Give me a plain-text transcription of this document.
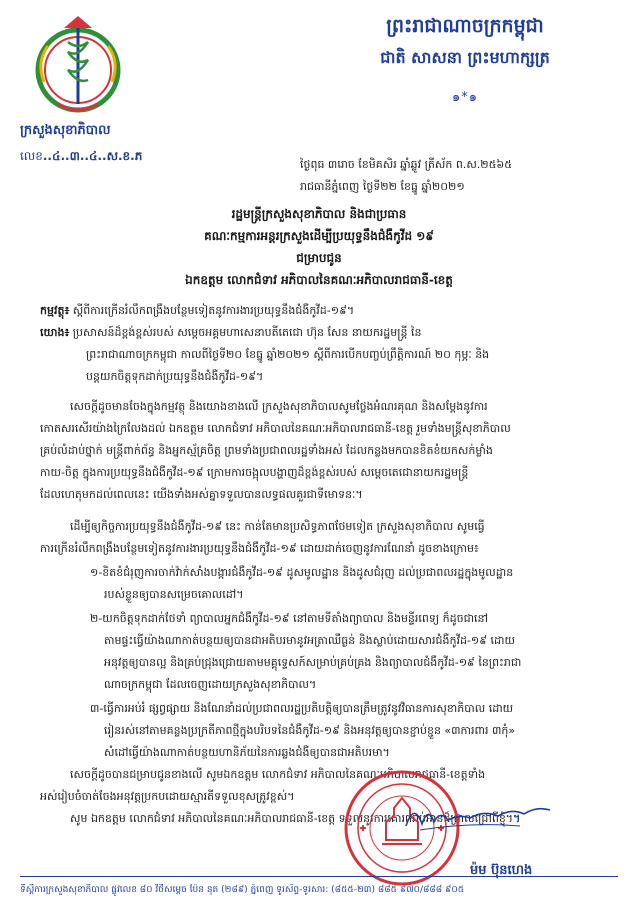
ព្រះរាជាណាចក្រកម្ពុជា
ជាតិ សាសនា ព្រះមហាក្សត្រ
๑*๑
ក្រសួងសុខាភិបាល
លេខ..៤..៣..៤..ស.ខ.ភ
ថ្ងៃពុធ ៣រោច ខែមិគសិរ ឆ្នាំឆ្លូវ ត្រីស័ក ព.ស.២៥៦៥
រាជធានីភ្នំពេញ ថ្ងៃទី២២ ខែធ្នូ ឆ្នាំ២០២១
រដ្ឋមន្ត្រីក្រសួងសុខាភិបាល និងជាប្រធាន
គណៈកម្មការអន្តរក្រសួងដើម្បីប្រយុទ្ធនឹងជំងឺកូវីដ ១៩
ជម្រាបជូន
ឯកឧត្តម លោកជំទាវ អភិបាលនៃគណៈអភិបាលរាជធានី-ខេត្ត
កម្មវត្ថុ៖ ស្តីពីការក្រើនរំលឹកពង្រឹងបន្ថែមទៀតនូវការងារប្រយុទ្ធនឹងជំងឺកូវីដ-១៩។
យោង៖ ប្រសាសន៍ដ៏ខ្ពង់ខ្ពស់របស់ សម្តេចអគ្គមហាសេនាបតីតេជោ ហ៊ុន សែន នាយករដ្ឋមន្ត្រី នៃ
ព្រះរាជាណាចក្រកម្ពុជា កាលពីថ្ងៃទី២០ ខែធ្នូ ឆ្នាំ២០២១ ស្តីពីការបើកបញ្ចប់ព្រឹត្តិការណ៍ ២០ កុម្ភៈ និង
បន្តយកចិត្តទុកដាក់ប្រយុទ្ធនឹងជំងឺកូវីដ-១៩។
សេចក្តីដូចមានចែងក្នុងកម្មវត្ថុ និងយោងខាងលើ ក្រសួងសុខាភិបាលសូមថ្លែងអំណរគុណ និងសម្តែងនូវការ
កោតសរសើរយ៉ាងក្រៃលែងដល់ ឯកឧត្តម លោកជំទាវ អភិបាលនៃគណៈអភិបាលរាជធានី-ខេត្ត រួមទាំងមន្ត្រីសុខាភិបាល
គ្រប់លំដាប់ថ្នាក់ មន្ត្រីពាក់ព័ន្ធ និងអ្នកស្ម័គ្រចិត្ត ព្រមទាំងប្រជាពលរដ្ឋទាំងអស់ ដែលកន្លងមកបានខិតខំយកសក់ម្លាំង
កាយ-ចិត្ត ក្នុងការប្រយុទ្ធនឹងជំងឺកូវីដ-១៩ ក្រោមការចង្អុលបង្ហាញដ៏ខ្ពង់ខ្ពស់របស់ សម្តេចតេជោនាយករដ្ឋមន្ត្រី
ដែលហេតុមកដល់ពេលនេះ យើងទាំងអស់គ្នាទទួលបានលទ្ធផលគួរជាទីមោទនៈ។
ដើម្បីឲ្យកិច្ចការប្រយុទ្ធនឹងជំងឺកូវីដ-១៩ នេះ កាន់តែមានប្រសិទ្ធភាពថែមទៀត ក្រសួងសុខាភិបាល សូមធ្វើ
ការក្រើនរំលឹកពង្រឹងបន្ថែមទៀតនូវការងារប្រយុទ្ធនឹងជំងឺកូវីដ-១៩ ដោយដាក់ចេញនូវការណែនាំ ដូចខាងក្រោម៖
១-ខិតខំជំរុញការចាក់វ៉ាក់សាំងបង្ការជំងឺកូវីដ-១៩ ដូសមូលដ្ឋាន និងដូសជំរុញ ដល់ប្រជាពលរដ្ឋក្នុងមូលដ្ឋាន
របស់ខ្លួនឲ្យបានសម្រេចគោលដៅ។
២-យកចិត្តទុកដាក់ថែទាំ ព្យាបាលអ្នកជំងឺកូវីដ-១៩ នៅតាមទីតាំងព្យាបាល និងមន្ទីរពេទ្យ ក៏ដូចជានៅ
តាមផ្ទះធ្វើយ៉ាងណាកាត់បន្ថយឲ្យបានជាអតិបរមានូវអត្រាឈឺធ្ងន់ និងស្លាប់ដោយសារជំងឺកូវីដ-១៩ ដោយ
អនុវត្តឲ្យបានល្អ និងគ្រប់ជ្រុងជ្រោយតាមមគ្គុទ្ទេសក៍សម្រាប់គ្រប់គ្រង និងព្យាបាលជំងឺកូវីដ-១៩ នៃព្រះរាជា
ណាចក្រកម្ពុជា ដែលចេញដោយក្រសួងសុខាភិបាល។
៣-ធ្វើការអប់រំ ផ្សព្វផ្សាយ និងណែនាំដល់ប្រជាពលរដ្ឋប្រតិបត្តិឲ្យបានត្រឹមត្រូវនូវវិធានការសុខាភិបាល ដោយ
រៀនរស់នៅតាមគន្លងប្រក្រតីភាពថ្មីក្នុងបរិបទនៃជំងឺកូវីដ-១៩ និងអនុវត្តឲ្យបានខ្ជាប់ខ្ជួន «៣ការពារ ៣កុំ»
សំដៅធ្វើយ៉ាងណាកាត់បន្ថយហានិភ័យនៃការឆ្លងជំងឺឲ្យបានជាអតិបរមា។
សេចក្តីដូចបានជម្រាបជូនខាងលើ សូមឯកឧត្តម លោកជំទាវ អភិបាលនៃគណៈអភិបាលរាជធានី-ខេត្តទាំង
អស់រៀបចំចាត់ចែងអនុវត្តប្រកបដោយស្មារតីទទួលខុសត្រូវខ្ពស់។
សូម ឯកឧត្តម លោកជំទាវ អភិបាលនៃគណៈអភិបាលរាជធានី-ខេត្ត ទទួលនូវការគោរពរាប់អានដ៏ជ្រាលជ្រៅពីខ្ញុំ។។
ម៉ម ប៊ុនហេង
ទីស្តីការក្រសួងសុខាភិបាល ផ្លូវលេខ ៨០ វិថីសម្តេច ប៉ែន នុត (២៨៩) ភ្នំពេញ ទូរស័ព្ទ-ទូរសារ: (៨៥៥-២៣) ៨៨៥ ៩៧០/៨៨៨ ៩០៥
